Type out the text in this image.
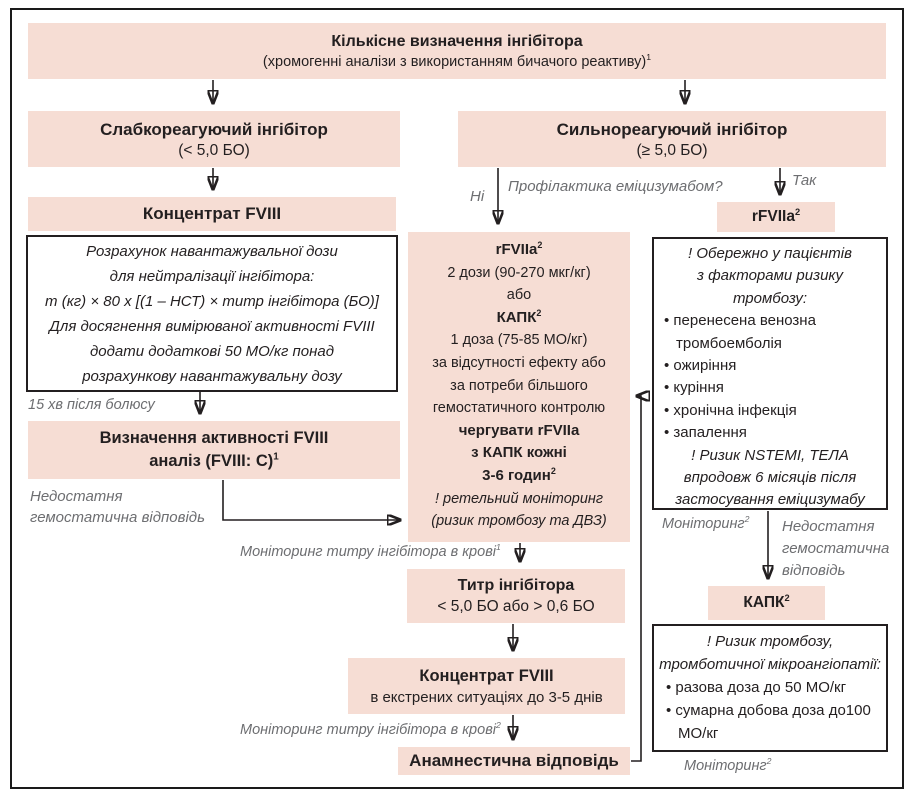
Кількісне визначення інгібітора
(хромогенні аналізи з використанням бичачого реактиву)$^1$
Слабкореагуючий інгібітор
(< 5,0 БО)
Сильнореагуючий інгібітор
(≥ 5,0 БО)
Ні
Профілактика еміцизумабом?	Так
Концентрат FVIII
Розрахунок навантажувальної дози
для нейтралізації інгібітора:
m (кг) × 80 x [(1 – НСТ) × титр інгібітора (БО)]
Для досягнення вимірюваної активності FVIII
додати додаткові 50 МО/кг понад
розрахункову навантажувальну дозу
15 хв після болюсу
Визначення активності FVIII
аналіз (FVIII: C)$^1$
Недостатня
гемостатична відповідь
rFVIIa$^2$
2 дози (90-270 мкг/кг)
або
КАПК$^2$
1 доза (75-85 МО/кг)
за відсутності ефекту або
за потреби більшого
гемостатичного контролю
чергувати rFVIIa
з КАПК кожні
3-6 годин$^2$
! ретельний моніторинг
(ризик тромбозу та ДВЗ)
Моніторинг титру інгібітора в крові$^1$
Титр інгібітора
< 5,0 БО або > 0,6 БО
Концентрат FVIII
в екстрених ситуаціях до 3-5 днів
Моніторинг титру інгібітора в крові$^2$
Анамнестична відповідь
rFVIIa$^2$
! Обережно у пацієнтів
з факторами ризику
тромбозу:
• перенесена венозна тромбоемболія
• ожиріння
• куріння
• хронічна інфекція
• запалення
! Ризик NSTEMI, ТЕЛА
впродовж 6 місяців після
застосування еміцизумабу
Моніторинг$^2$ Недостатня
гемостатична
відповідь
КАПК$^2$
! Ризик тромбозу,
тромботичної мікроангіопатії:
• разова доза до 50 МО/кг
• сумарна добова доза до100 МО/кг
Моніторинг$^2$
